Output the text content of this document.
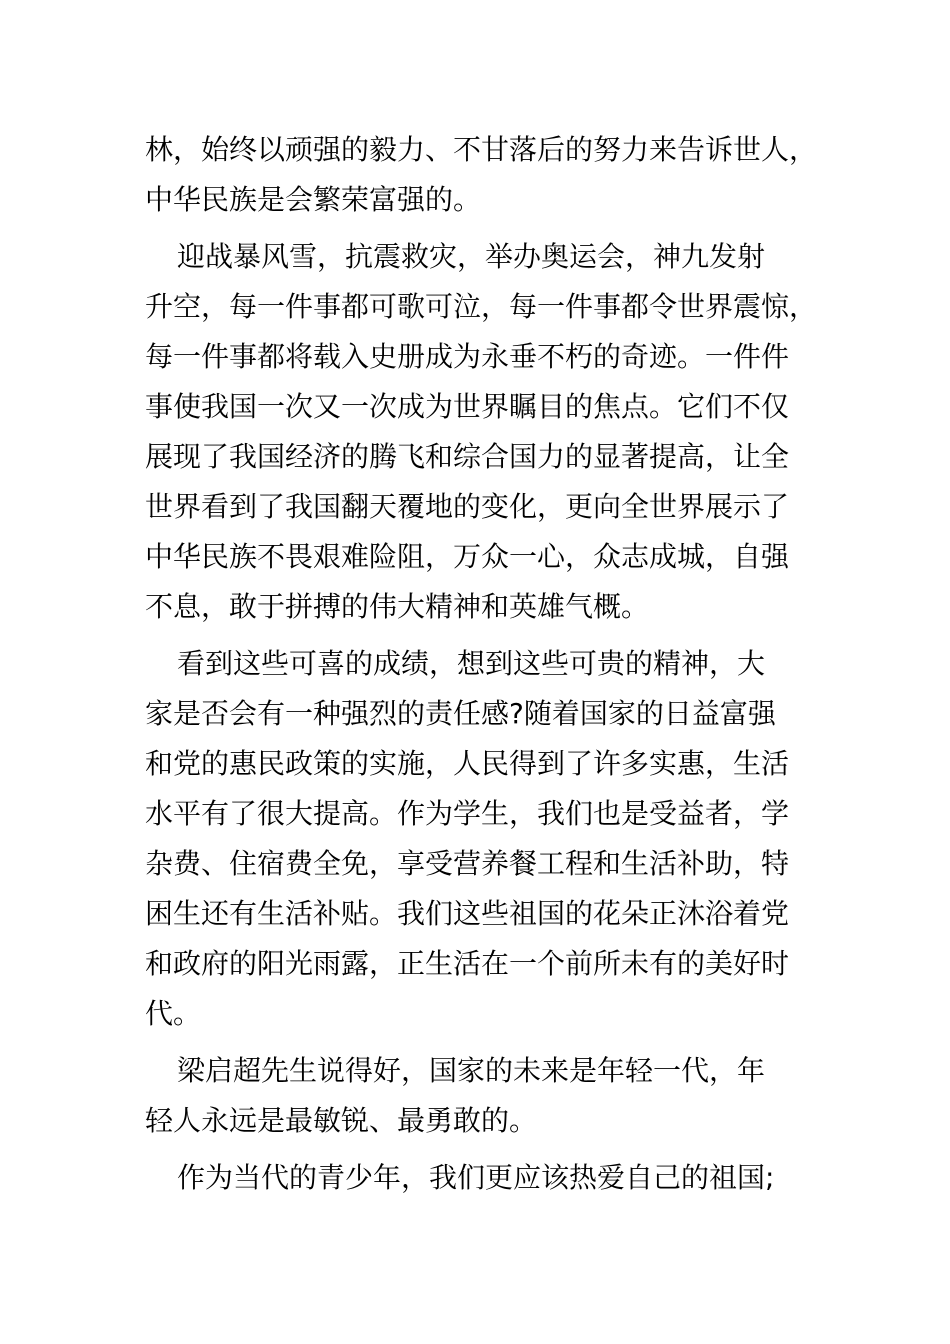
林，始终以顽强的毅力、不甘落后的努力来告诉世人，
中华民族是会繁荣富强的。
迎战暴风雪，抗震救灾，举办奥运会，神九发射
升空，每一件事都可歌可泣，每一件事都令世界震惊，
每一件事都将载入史册成为永垂不朽的奇迹。一件件
事使我国一次又一次成为世界瞩目的焦点。它们不仅
展现了我国经济的腾飞和综合国力的显著提高，让全
世界看到了我国翻天覆地的变化，更向全世界展示了
中华民族不畏艰难险阻，万众一心，众志成城，自强
不息，敢于拼搏的伟大精神和英雄气概。
看到这些可喜的成绩，想到这些可贵的精神，大
家是否会有一种强烈的责任感?随着国家的日益富强
和党的惠民政策的实施，人民得到了许多实惠，生活
水平有了很大提高。作为学生，我们也是受益者，学
杂费、住宿费全免，享受营养餐工程和生活补助，特
困生还有生活补贴。我们这些祖国的花朵正沐浴着党
和政府的阳光雨露，正生活在一个前所未有的美好时
代。
梁启超先生说得好，国家的未来是年轻一代，年
轻人永远是最敏锐、最勇敢的。
作为当代的青少年，我们更应该热爱自己的祖国;
